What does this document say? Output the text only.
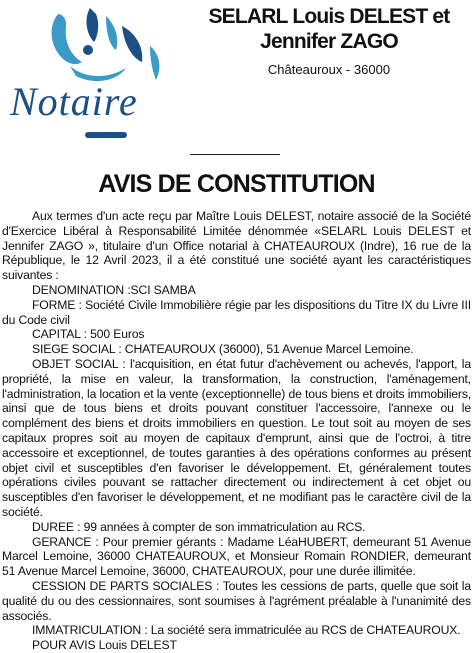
Notaire
SELARL Louis DELEST et
Jennifer ZAGO
Châteauroux - 36000
AVIS DE CONSTITUTION

Aux termes d'un acte reçu par Maître Louis DELEST, notaire associé de la Société d'Exercice Libéral à Responsabilité Limitée dénommée «SELARL Louis DELEST et Jennifer ZAGO », titulaire d'un Office notarial à CHATEAUROUX (Indre), 16 rue de la République, le 12 Avril 2023, il a été constitué une société ayant les caractéristiques suivantes :

DENOMINATION :SCI SAMBA

FORME : Société Civile Immobilière régie par les dispositions du Titre IX du Livre III du Code civil

CAPITAL : 500 Euros

SIEGE SOCIAL : CHATEAUROUX (36000), 51 Avenue Marcel Lemoine.

OBJET SOCIAL : l'acquisition, en état futur d'achèvement ou achevés, l'apport, la propriété, la mise en valeur, la transformation, la construction, l'aménagement, l'administration, la location et la vente (exceptionnelle) de tous biens et droits immobiliers, ainsi que de tous biens et droits pouvant constituer l'accessoire, l'annexe ou le complément des biens et droits immobiliers en question. Le tout soit au moyen de ses capitaux propres soit au moyen de capitaux d'emprunt, ainsi que de l'octroi, à titre accessoire et exceptionnel, de toutes garanties à des opérations conformes au présent objet civil et susceptibles d'en favoriser le développement. Et, généralement toutes opérations civiles pouvant se rattacher directement ou indirectement à cet objet ou susceptibles d'en favoriser le développement, et ne modifiant pas le caractère civil de la société.

DUREE : 99 années à compter de son immatriculation au RCS.

GERANCE : Pour premier gérants : Madame LéaHUBERT, demeurant 51 Avenue Marcel Lemoine, 36000 CHATEAUROUX, et Monsieur Romain RONDIER, demeurant 51 Avenue Marcel Lemoine, 36000, CHATEAUROUX, pour une durée illimitée.

CESSION DE PARTS SOCIALES : Toutes les cessions de parts, quelle que soit la qualité du ou des cessionnaires, sont soumises à l'agrément préalable à l'unanimité des associés.

IMMATRICULATION : La société sera immatriculée au RCS de CHATEAUROUX.

POUR AVIS Louis DELEST
